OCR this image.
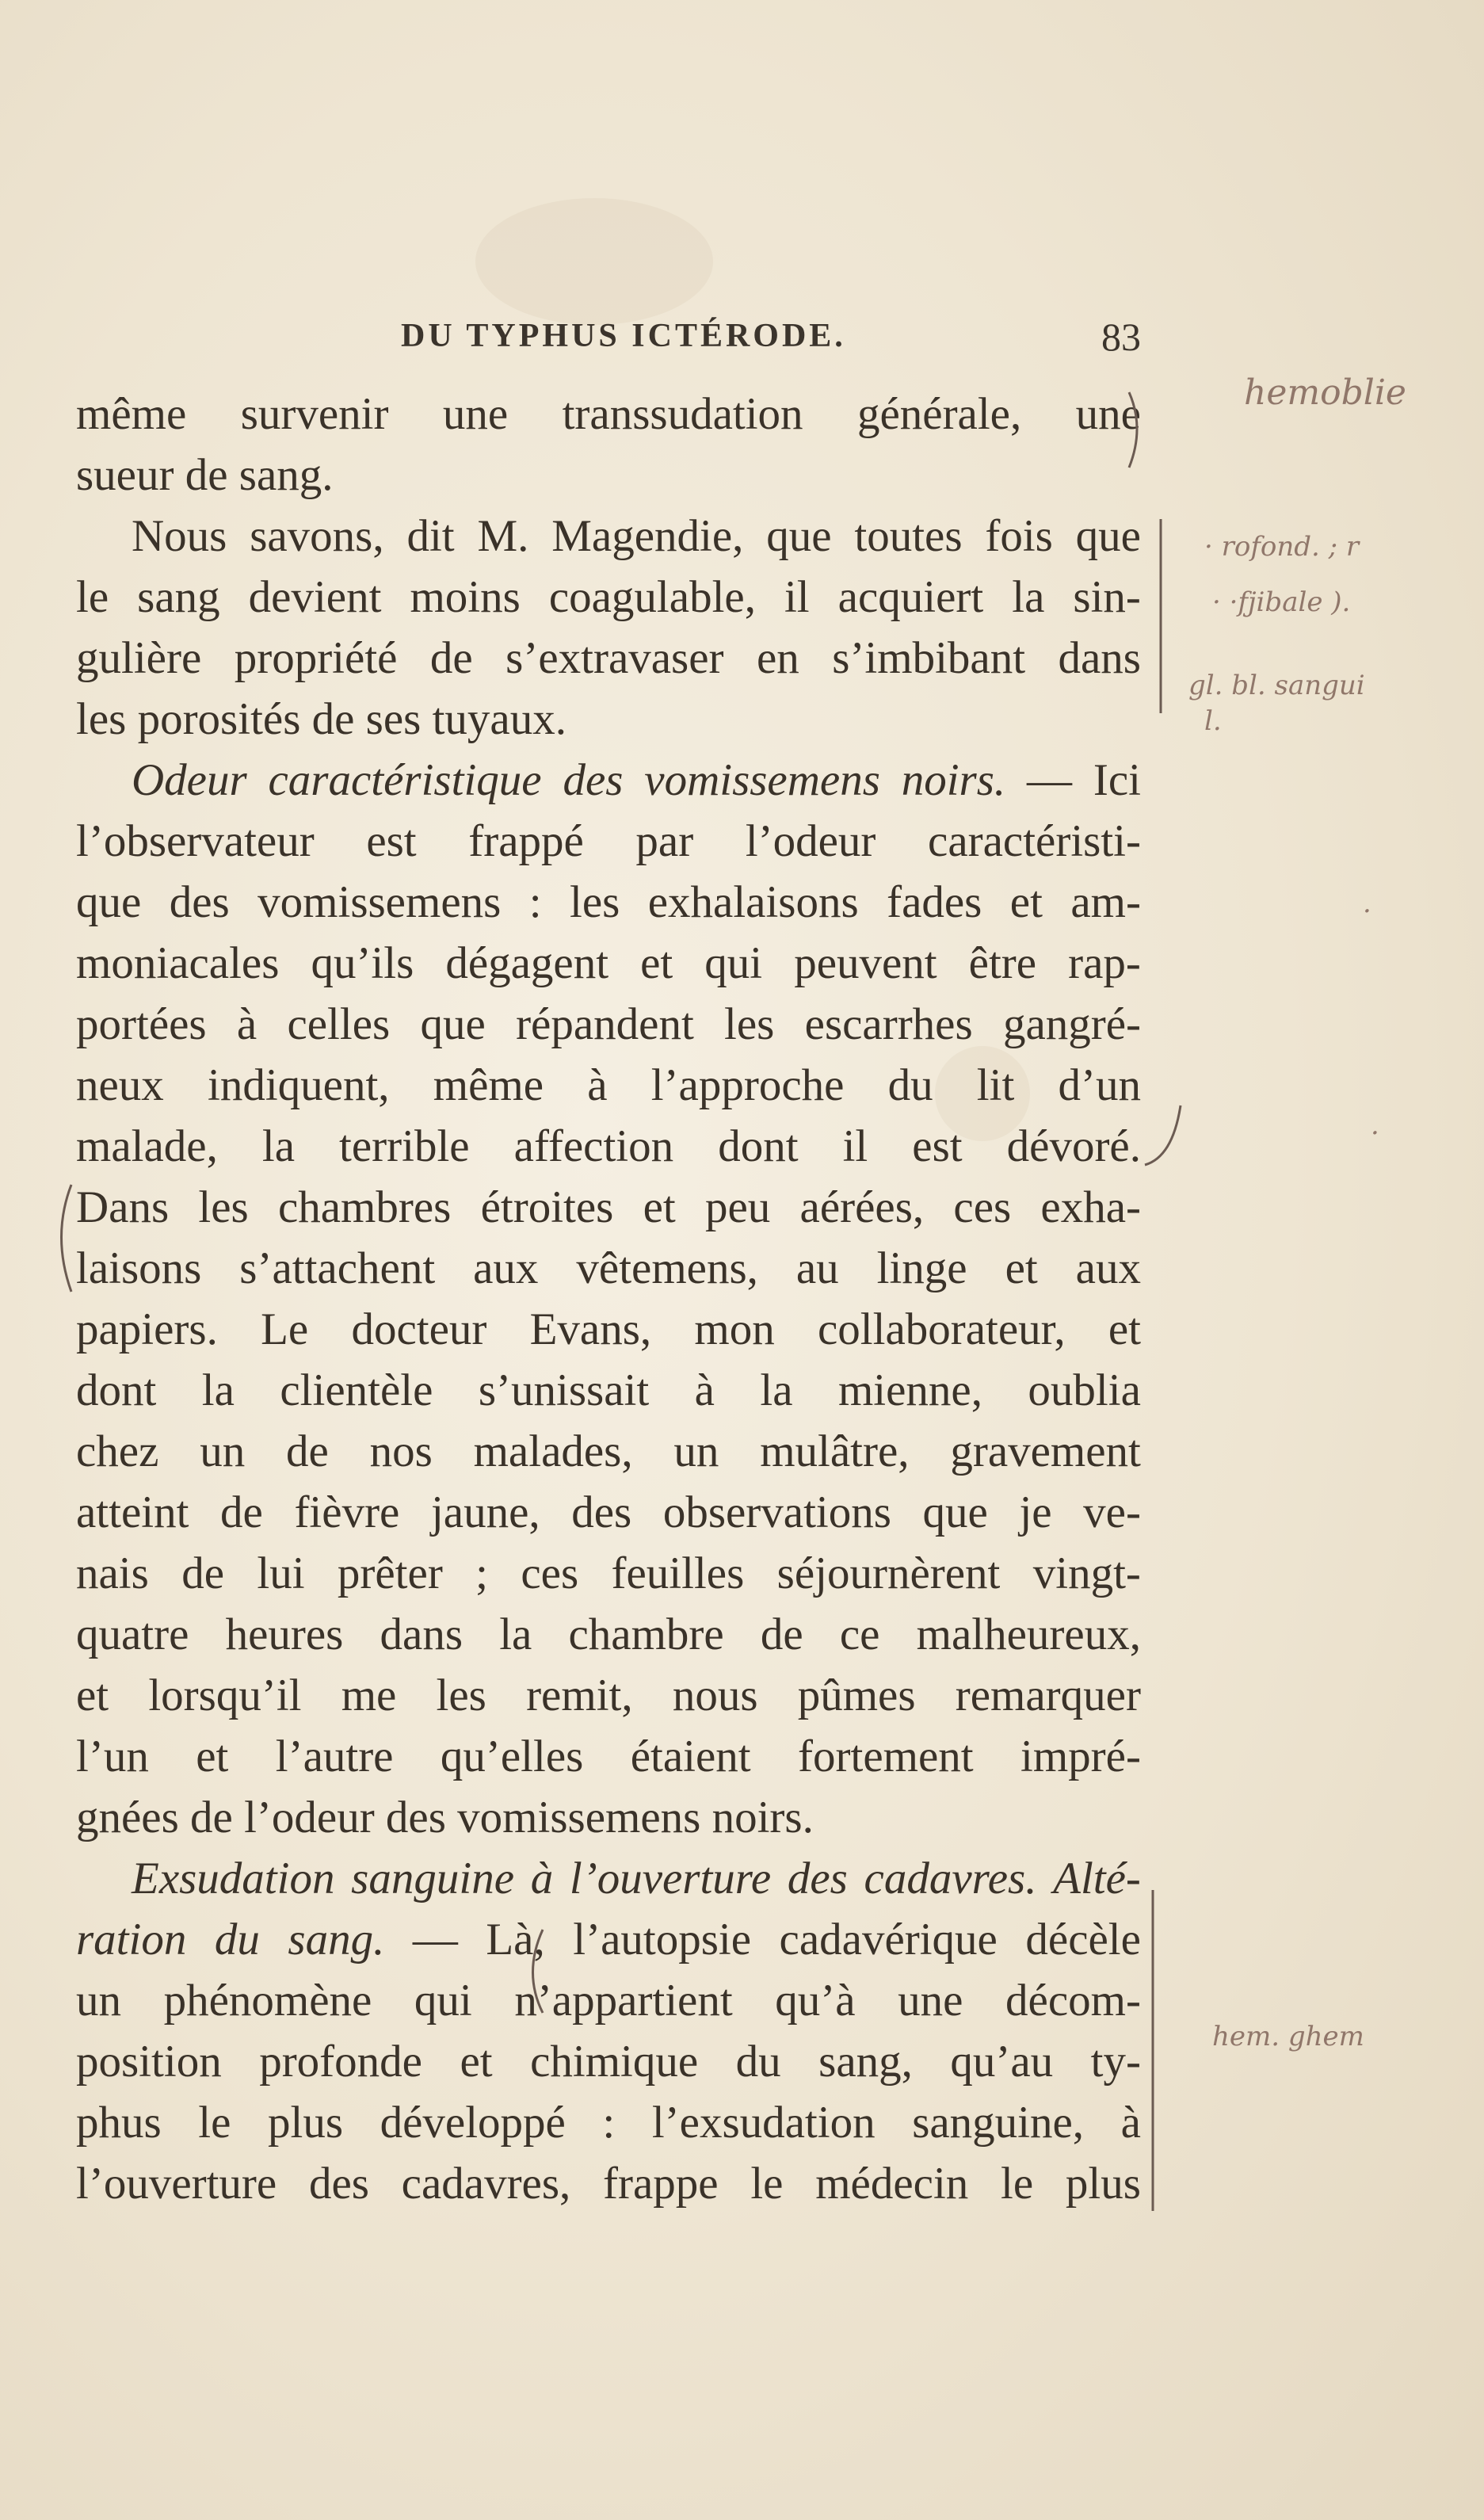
DU TYPHUS ICTÉRODE.	83
même survenir une transsudation générale, une
sueur de sang.
Nous savons, dit M. Magendie, que toutes fois que
le sang devient moins coagulable, il acquiert la sin-
gulière propriété de s’extravaser en s’imbibant dans
les porosités de ses tuyaux.
Odeur caractéristique des vomissemens noirs. — Ici
l’observateur est frappé par l’odeur caractéristi-
que des vomissemens : les exhalaisons fades et am-
moniacales qu’ils dégagent et qui peuvent être rap-
portées à celles que répandent les escarrhes gangré-
neux indiquent, même à l’approche du lit d’un
malade, la terrible affection dont il est dévoré.
Dans les chambres étroites et peu aérées, ces exha-
laisons s’attachent aux vêtemens, au linge et aux
papiers. Le docteur Evans, mon collaborateur, et
dont la clientèle s’unissait à la mienne, oublia
chez un de nos malades, un mulâtre, gravement
atteint de fièvre jaune, des observations que je ve-
nais de lui prêter ; ces feuilles séjournèrent vingt-
quatre heures dans la chambre de ce malheureux,
et lorsqu’il me les remit, nous pûmes remarquer
l’un et l’autre qu’elles étaient fortement impré-
gnées de l’odeur des vomissemens noirs.
Exsudation sanguine à l’ouverture des cadavres. Alté-
ration du sang. — Là, l’autopsie cadavérique décèle
un phénomène qui n’appartient qu’à une décom-
position profonde et chimique du sang, qu’au ty-
phus le plus développé : l’exsudation sanguine, à
l’ouverture des cadavres, frappe le médecin le plus
hemoblie
· rofond. ; r
· ·fjibale ).
gl. bl. sangui
l.
·
·
hem. ghem
